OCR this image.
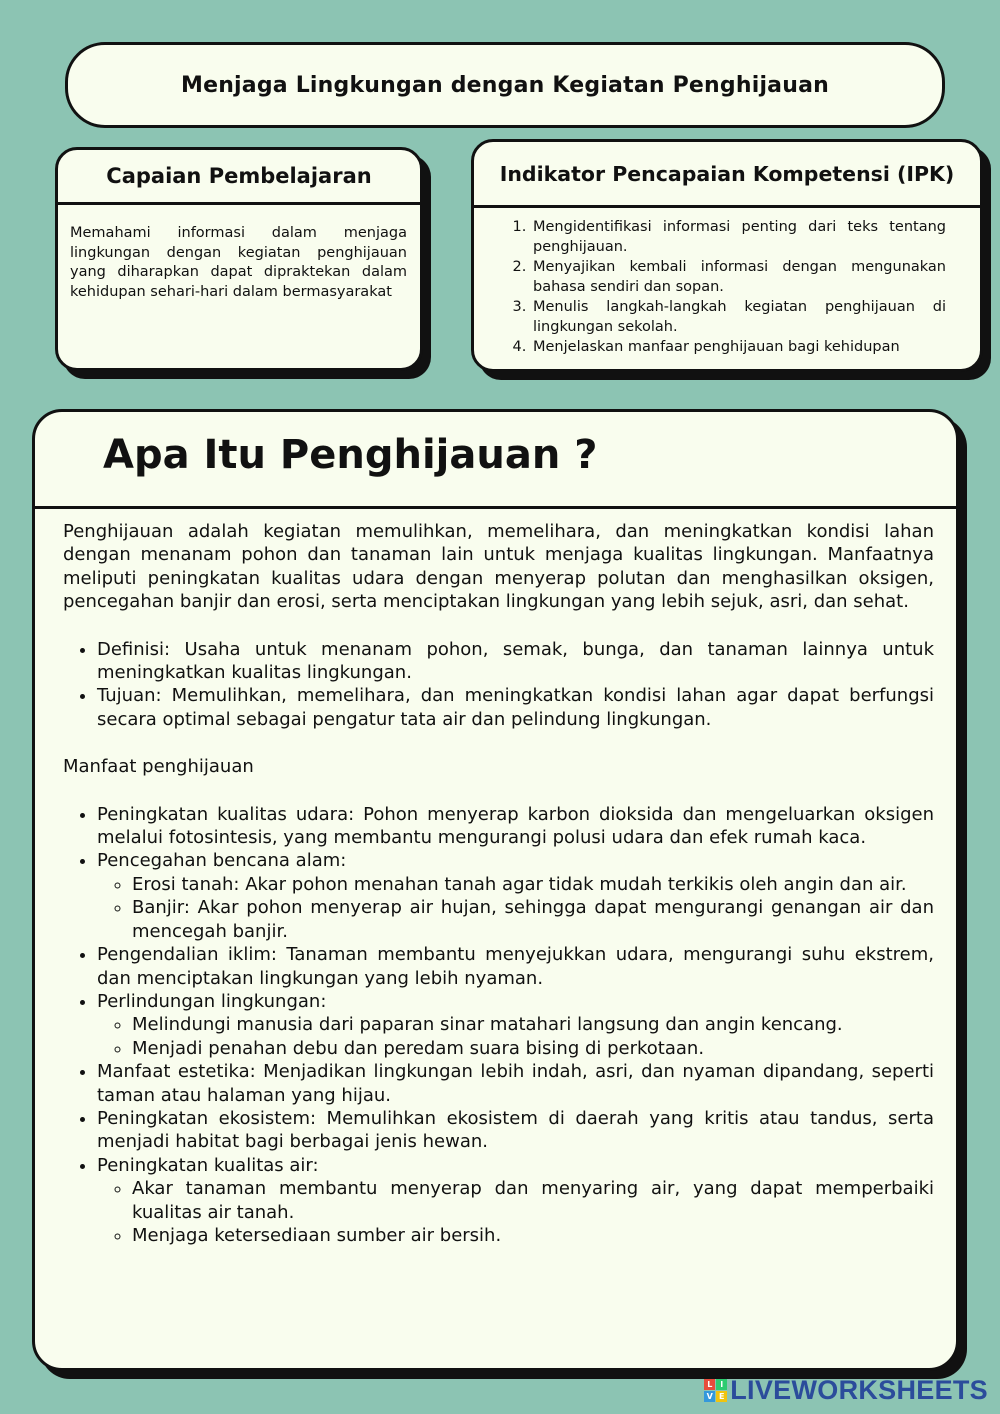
Menjaga Lingkungan dengan Kegiatan Penghijauan
Capaian Pembelajaran
Memahami informasi dalam menjaga lingkungan dengan kegiatan penghijauan yang diharapkan dapat dipraktekan dalam kehidupan sehari-hari dalam bermasyarakat
Indikator Pencapaian Kompetensi (IPK)
1. Mengidentifikasi informasi penting dari teks tentang penghijauan.
2. Menyajikan kembali informasi dengan mengunakan bahasa sendiri dan sopan.
3. Menulis langkah-langkah kegiatan penghijauan di lingkungan sekolah.
4. Menjelaskan manfaar penghijauan bagi kehidupan
Apa Itu Penghijauan ?

Penghijauan adalah kegiatan memulihkan, memelihara, dan meningkatkan kondisi lahan dengan menanam pohon dan tanaman lain untuk menjaga kualitas lingkungan. Manfaatnya meliputi peningkatan kualitas udara dengan menyerap polutan dan menghasilkan oksigen, pencegahan banjir dan erosi, serta menciptakan lingkungan yang lebih sejuk, asri, dan sehat.

• Definisi: Usaha untuk menanam pohon, semak, bunga, dan tanaman lainnya untuk meningkatkan kualitas lingkungan.
• Tujuan: Memulihkan, memelihara, dan meningkatkan kondisi lahan agar dapat berfungsi secara optimal sebagai pengatur tata air dan pelindung lingkungan.

Manfaat penghijauan

• Peningkatan kualitas udara: Pohon menyerap karbon dioksida dan mengeluarkan oksigen melalui fotosintesis, yang membantu mengurangi polusi udara dan efek rumah kaca.
• Pencegahan bencana alam:
◦ Erosi tanah: Akar pohon menahan tanah agar tidak mudah terkikis oleh angin dan air.
◦ Banjir: Akar pohon menyerap air hujan, sehingga dapat mengurangi genangan air dan mencegah banjir.
• Pengendalian iklim: Tanaman membantu menyejukkan udara, mengurangi suhu ekstrem, dan menciptakan lingkungan yang lebih nyaman.
• Perlindungan lingkungan:
◦ Melindungi manusia dari paparan sinar matahari langsung dan angin kencang.
◦ Menjadi penahan debu dan peredam suara bising di perkotaan.
• Manfaat estetika: Menjadikan lingkungan lebih indah, asri, dan nyaman dipandang, seperti taman atau halaman yang hijau.
• Peningkatan ekosistem: Memulihkan ekosistem di daerah yang kritis atau tandus, serta menjadi habitat bagi berbagai jenis hewan.
• Peningkatan kualitas air:
◦ Akar tanaman membantu menyerap dan menyaring air, yang dapat memperbaiki kualitas air tanah.
◦ Menjaga ketersediaan sumber air bersih.
L I
V E LIVEWORKSHEETS
